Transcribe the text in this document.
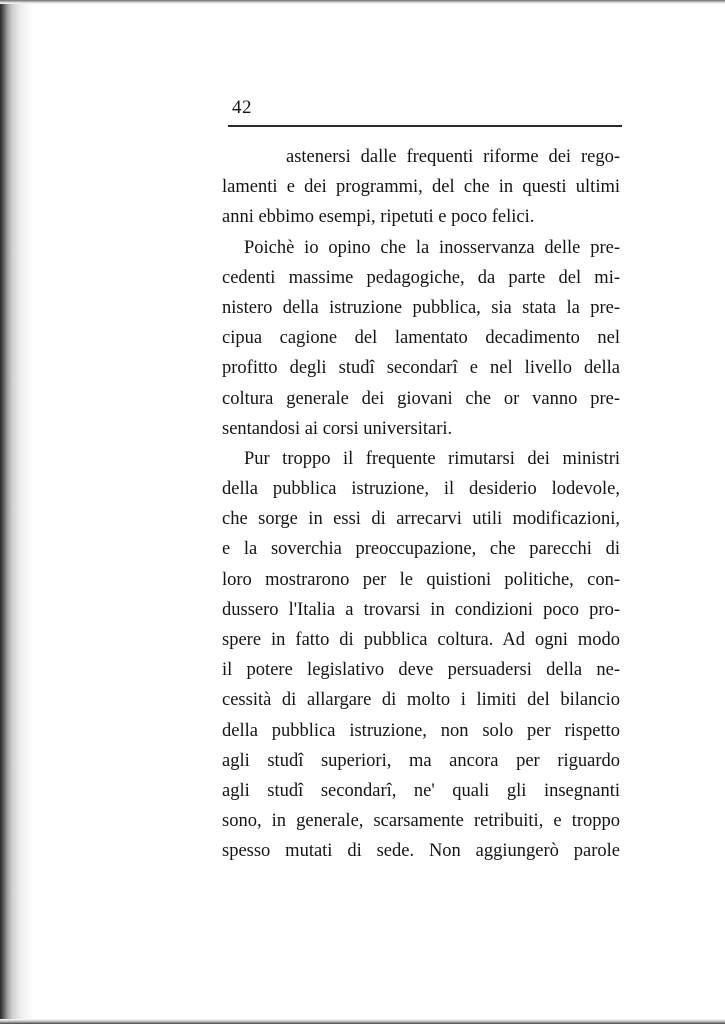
42
astenersi dalle frequenti riforme dei rego-
lamenti e dei programmi, del che in questi ultimi
anni ebbimo esempi, ripetuti e poco felici.
Poichè io opino che la inosservanza delle pre-
cedenti massime pedagogiche, da parte del mi-
nistero della istruzione pubblica, sia stata la pre-
cipua cagione del lamentato decadimento nel
profitto degli studî secondarî e nel livello della
coltura generale dei giovani che or vanno pre-
sentandosi ai corsi universitari.
Pur troppo il frequente rimutarsi dei ministri
della pubblica istruzione, il desiderio lodevole,
che sorge in essi di arrecarvi utili modificazioni,
e la soverchia preoccupazione, che parecchi di
loro mostrarono per le quistioni politiche, con-
dussero l'Italia a trovarsi in condizioni poco pro-
spere in fatto di pubblica coltura. Ad ogni modo
il potere legislativo deve persuadersi della ne-
cessità di allargare di molto i limiti del bilancio
della pubblica istruzione, non solo per rispetto
agli studî superiori, ma ancora per riguardo
agli studî secondarî, ne' quali gli insegnanti
sono, in generale, scarsamente retribuiti, e troppo
spesso mutati di sede. Non aggiungerò parole
